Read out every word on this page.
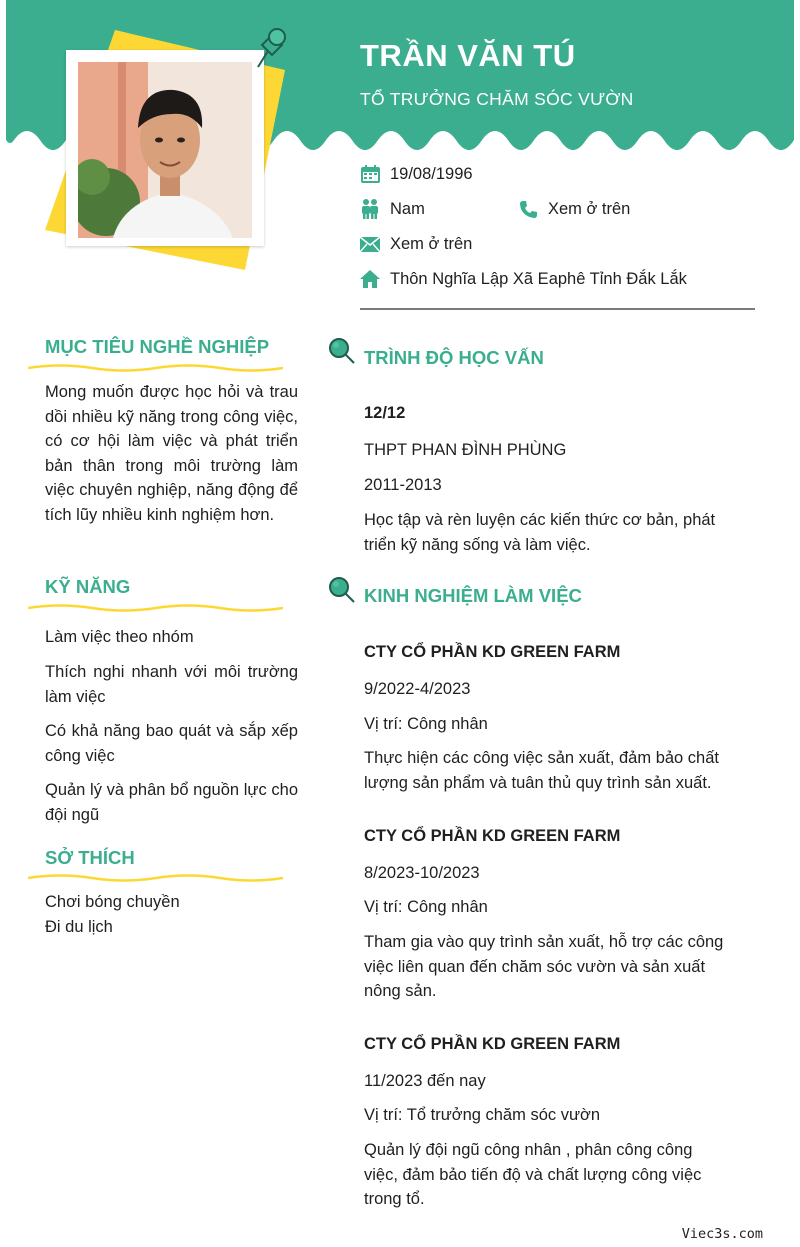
TRẦN VĂN TÚ

TỔ TRƯỞNG CHĂM SÓC VƯỜN

19/08/1996
Nam	Xem ở trên
Xem ở trên
Thôn Nghĩa Lập Xã Eaphê Tỉnh Đắk Lắk
MỤC TIÊU NGHỀ NGHIỆP

Mong muốn được học hỏi và trau dồi nhiều kỹ năng trong công việc, có cơ hội làm việc và phát triển bản thân trong môi trường làm việc chuyên nghiệp, năng động để tích lũy nhiều kinh nghiệm hơn.

KỸ NĂNG

Làm việc theo nhóm

Thích nghi nhanh với môi trường làm việc

Có khả năng bao quát và sắp xếp công việc

Quản lý và phân bổ nguồn lực cho đội ngũ

SỞ THÍCH

Chơi bóng chuyền

Đi du lịch

TRÌNH ĐỘ HỌC VẤN

12/12

THPT PHAN ĐÌNH PHÙNG

2011-2013

Học tập và rèn luyện các kiến thức cơ bản, phát triển kỹ năng sống và làm việc.

KINH NGHIỆM LÀM VIỆC

CTY CỔ PHẦN KD GREEN FARM

9/2022-4/2023

Vị trí: Công nhân

Thực hiện các công việc sản xuất, đảm bảo chất lượng sản phẩm và tuân thủ quy trình sản xuất.

CTY CỔ PHẦN KD GREEN FARM

8/2023-10/2023

Vị trí: Công nhân

Tham gia vào quy trình sản xuất, hỗ trợ các công việc liên quan đến chăm sóc vườn và sản xuất nông sản.

CTY CỔ PHẦN KD GREEN FARM

11/2023 đến nay

Vị trí: Tổ trưởng chăm sóc vườn

Quản lý đội ngũ công nhân , phân công công việc, đảm bảo tiến độ và chất lượng công việc trong tổ.

Viec3s.com
